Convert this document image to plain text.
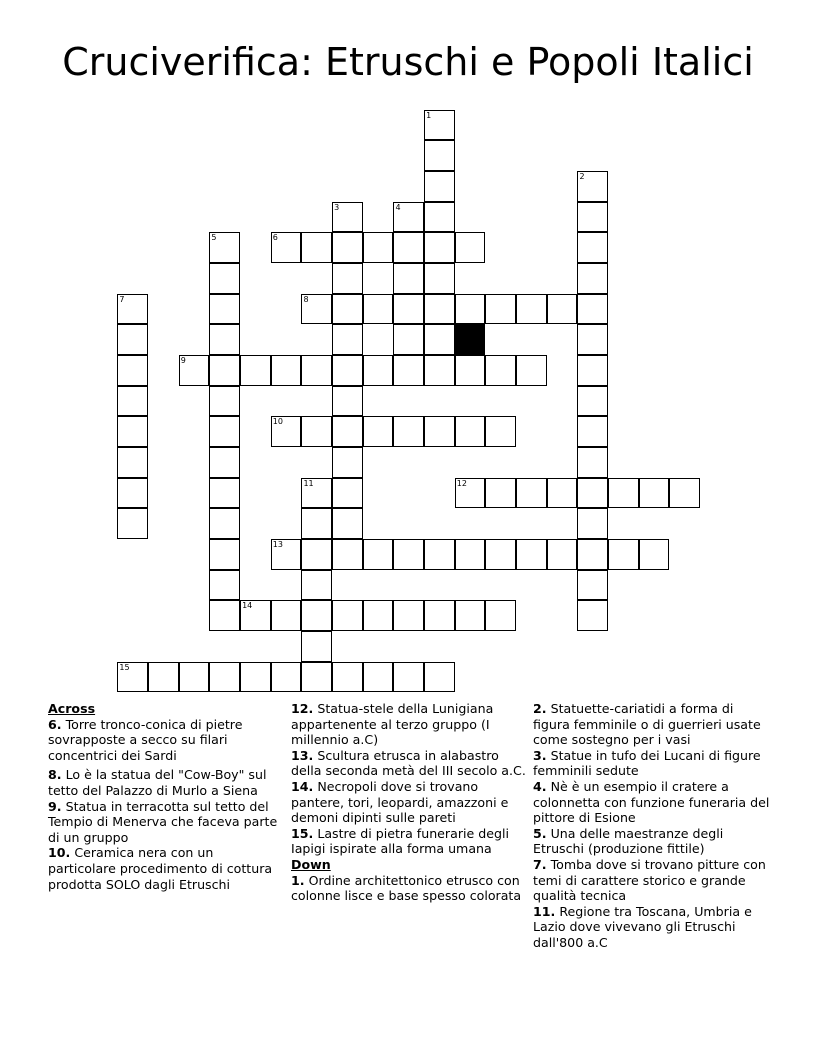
Cruciverifica: Etruschi e Popoli Italici
1
2
3	4
5	6
7	8
9
10
11	12
13
14
15

Across

6. Torre tronco-conica di pietre sovrapposte a secco su filari concentrici dei Sardi

8. Lo è la statua del "Cow-Boy" sul tetto del Palazzo di Murlo a Siena

9. Statua in terracotta sul tetto del Tempio di Menerva che faceva parte di un gruppo

10. Ceramica nera con un particolare procedimento di cottura prodotta SOLO dagli Etruschi

12. Statua-stele della Lunigiana appartenente al terzo gruppo (I millennio a.C)

13. Scultura etrusca in alabastro della seconda metà del III secolo a.C.

14. Necropoli dove si trovano pantere, tori, leopardi, amazzoni e demoni dipinti sulle pareti

15. Lastre di pietra funerarie degli Iapigi ispirate alla forma umana

Down

1. Ordine architettonico etrusco con colonne lisce e base spesso colorata

2. Statuette-cariatidi a forma di figura femminile o di guerrieri usate come sostegno per i vasi

3. Statue in tufo dei Lucani di figure femminili sedute

4. Nè è un esempio il cratere a colonnetta con funzione funeraria del pittore di Esione

5. Una delle maestranze degli Etruschi (produzione fittile)

7. Tomba dove si trovano pitture con temi di carattere storico e grande qualità tecnica

11. Regione tra Toscana, Umbria e Lazio dove vivevano gli Etruschi dall'800 a.C
